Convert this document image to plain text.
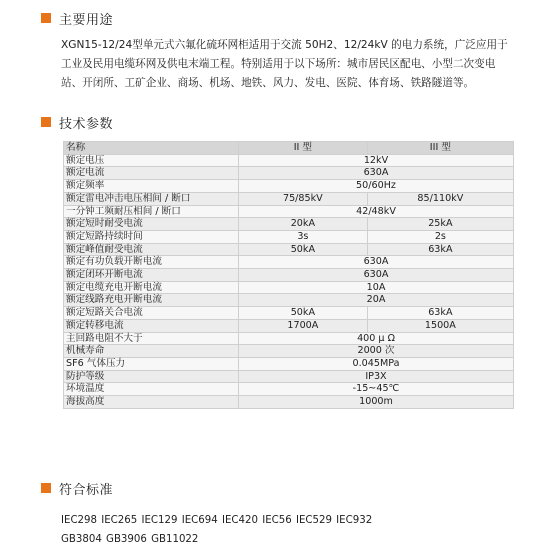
主要用途

XGN15-12/24型单元式六氟化硫环网柜适用于交流 50H2、12/24kV 的电力系统，广泛应用于

工业及民用电缆环网及供电末端工程。特别适用于以下场所：城市居民区配电、小型二次变电

站、开闭所、工矿企业、商场、机场、地铁、风力、发电、医院、体育场、铁路隧道等。

技术参数
名称	II 型	III 型
额定电压	12kV	
额定电流	630A	
额定频率	50/60Hz	
额定雷电冲击电压相间 / 断口	75/85kV	85/110kV
一分钟工频耐压相间 / 断口	42/48kV	
额定短时耐受电流	20kA	25kA
额定短路持续时间	3s	2s
额定峰值耐受电流	50kA	63kA
额定有功负载开断电流	630A	
额定闭环开断电流	630A	
额定电缆充电开断电流	10A	
额定线路充电开断电流	20A	
额定短路关合电流	50kA	63kA
额定转移电流	1700A	1500A
主回路电阻不大于	400 μ Ω	
机械寿命	2000 次	
SF6 气体压力	0.045MPa	
防护等级	IP3X	
环境温度	-15~45℃	
海拔高度	1000m	
符合标准
IEC298 IEC265 IEC129 IEC694 IEC420 IEC56 IEC529 IEC932
GB3804 GB3906 GB11022
